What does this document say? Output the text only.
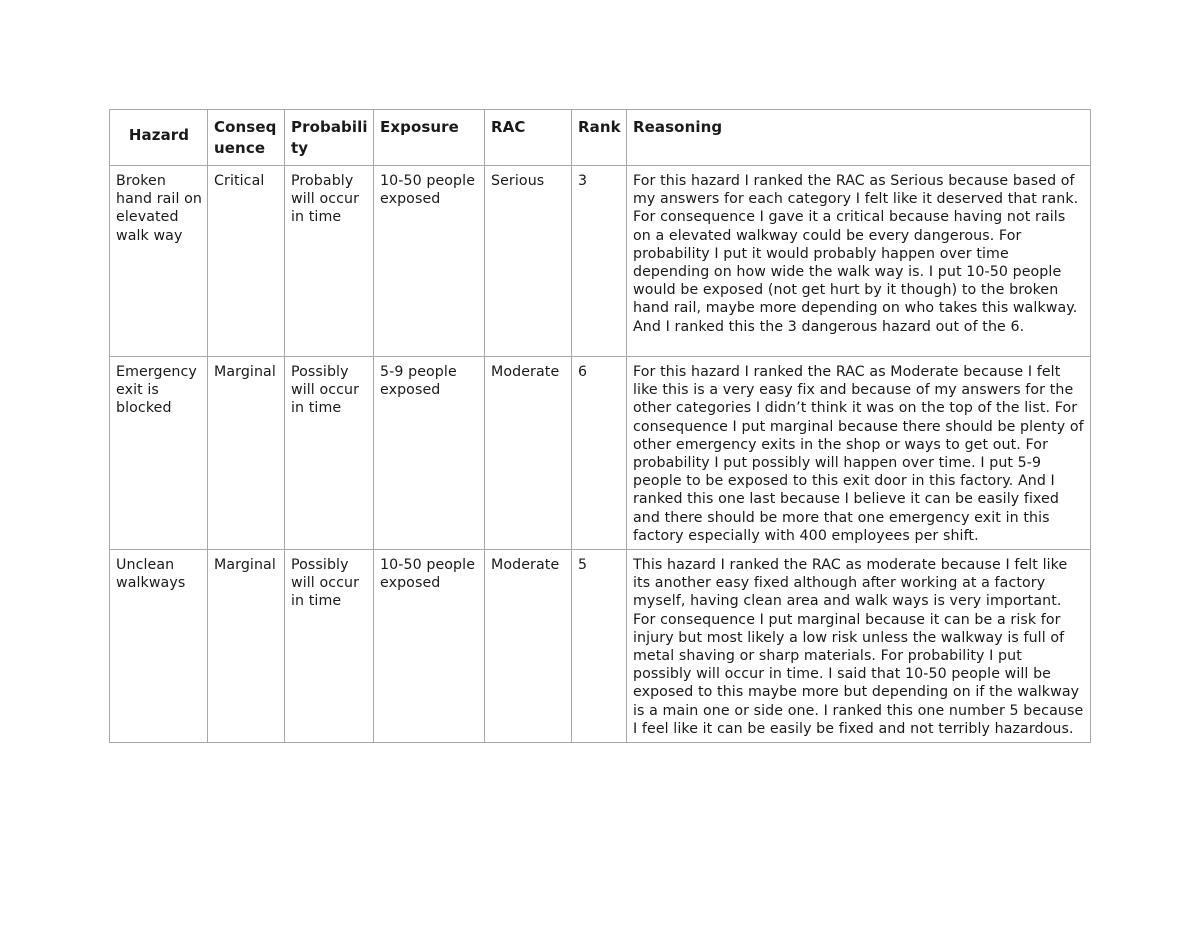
Hazard	Conseq uence	Probabili ty	Exposure	RAC	Rank	Reasoning
Broken hand rail on elevated walk way	Critical	Probably will occur in time	10-50 people exposed	Serious	3	For this hazard I ranked the RAC as Serious because based of my answers for each category I felt like it deserved that rank. For consequence I gave it a critical because having not rails on a elevated walkway could be every dangerous. For probability I put it would probably happen over time depending on how wide the walk way is. I put 10-50 people would be exposed (not get hurt by it though) to the broken hand rail, maybe more depending on who takes this walkway. And I ranked this the 3 dangerous hazard out of the 6.
Emergency exit is blocked	Marginal	Possibly will occur in time	5-9 people exposed	Moderate	6	For this hazard I ranked the RAC as Moderate because I felt like this is a very easy fix and because of my answers for the other categories I didn’t think it was on the top of the list. For consequence I put marginal because there should be plenty of other emergency exits in the shop or ways to get out. For probability I put possibly will happen over time. I put 5-9 people to be exposed to this exit door in this factory. And I ranked this one last because I believe it can be easily fixed and there should be more that one emergency exit in this factory especially with 400 employees per shift.
Unclean walkways	Marginal	Possibly will occur in time	10-50 people exposed	Moderate	5	This hazard I ranked the RAC as moderate because I felt like its another easy fixed although after working at a factory myself, having clean area and walk ways is very important. For consequence I put marginal because it can be a risk for injury but most likely a low risk unless the walkway is full of metal shaving or sharp materials. For probability I put possibly will occur in time. I said that 10-50 people will be exposed to this maybe more but depending on if the walkway is a main one or side one. I ranked this one number 5 because I feel like it can be easily be fixed and not terribly hazardous.
